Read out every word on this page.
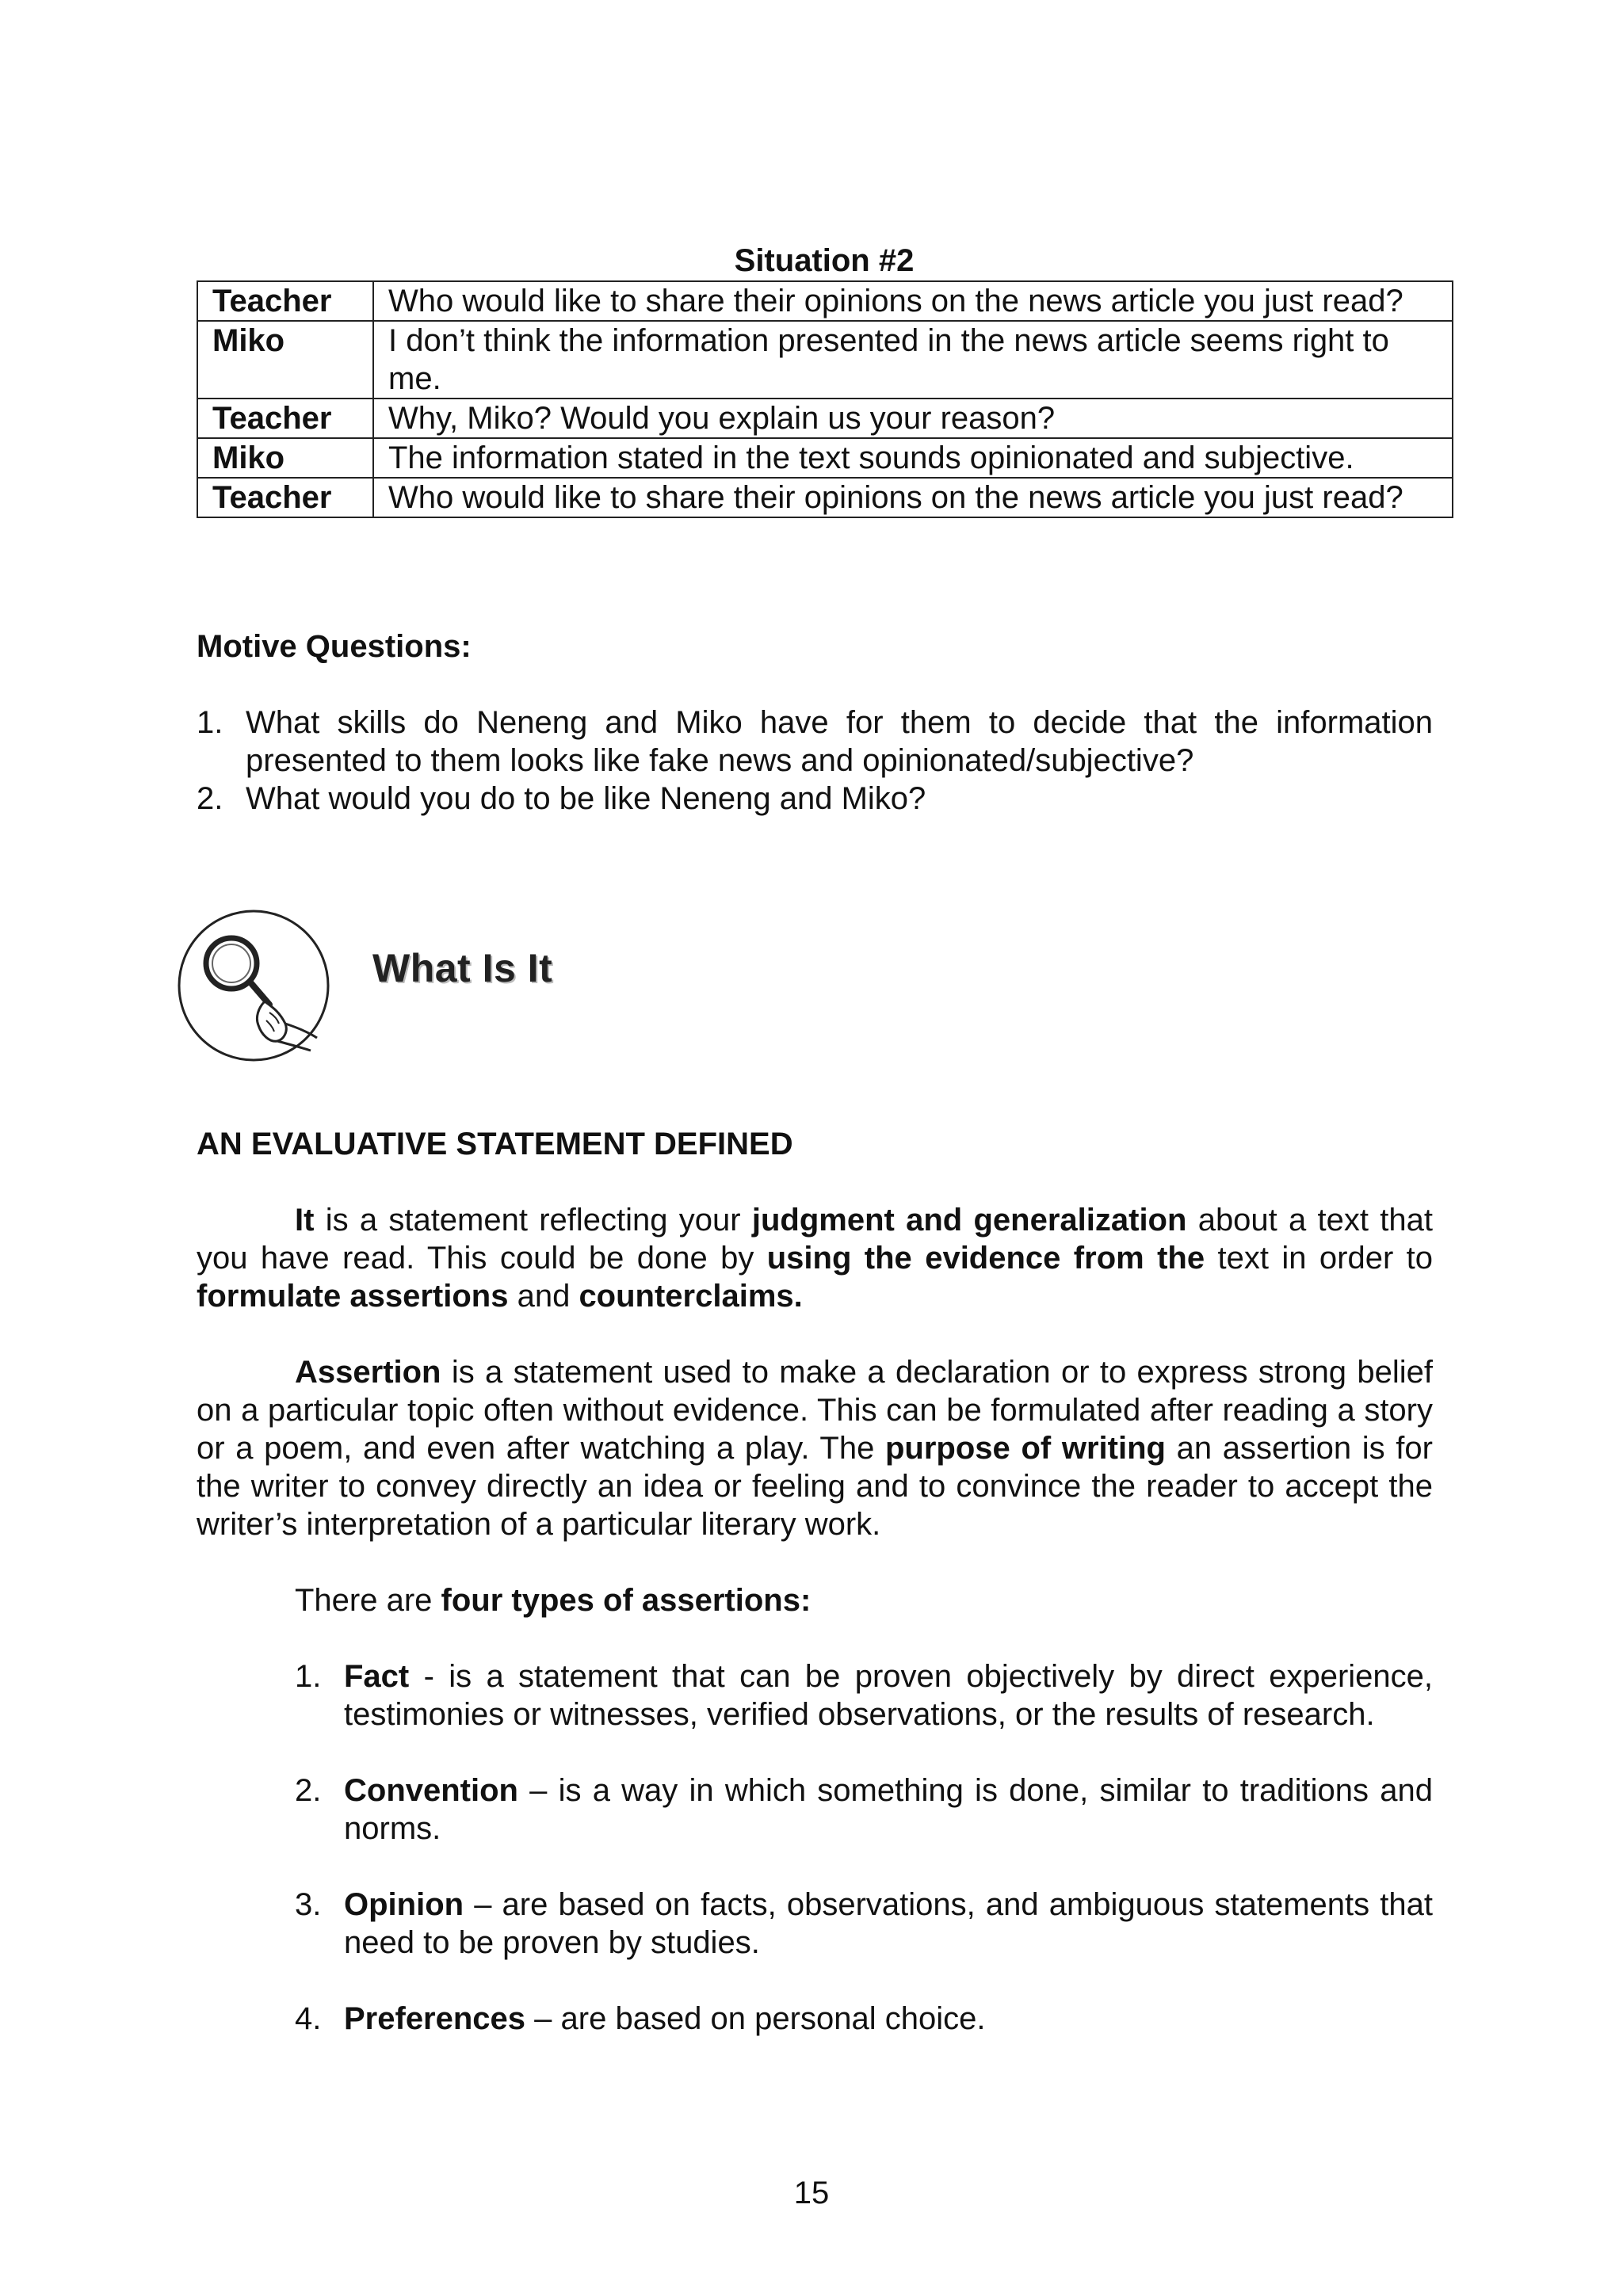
Situation #2
Teacher	Who would like to share their opinions on the news article you just read?
Miko	I don’t think the information presented in the news article seems right to me.
Teacher	Why, Miko? Would you explain us your reason?
Miko	The information stated in the text sounds opinionated and subjective.
Teacher	Who would like to share their opinions on the news article you just read?
Motive Questions:
1. What skills do Neneng and Miko have for them to decide that the information presented to them looks like fake news and opinionated/subjective?
2. What would you do to be like Neneng and Miko?
What Is It
AN EVALUATIVE STATEMENT DEFINED
It is a statement reflecting your judgment and generalization about a text that you have read. This could be done by using the evidence from the text in order to formulate assertions and counterclaims.
Assertion is a statement used to make a declaration or to express strong belief on a particular topic often without evidence. This can be formulated after reading a story or a poem, and even after watching a play. The purpose of writing an assertion is for the writer to convey directly an idea or feeling and to convince the reader to accept the writer’s interpretation of a particular literary work.
There are four types of assertions:
1. Fact - is a statement that can be proven objectively by direct experience, testimonies or witnesses, verified observations, or the results of research.
2. Convention – is a way in which something is done, similar to traditions and norms.
3. Opinion – are based on facts, observations, and ambiguous statements that need to be proven by studies.
4. Preferences – are based on personal choice.
15
